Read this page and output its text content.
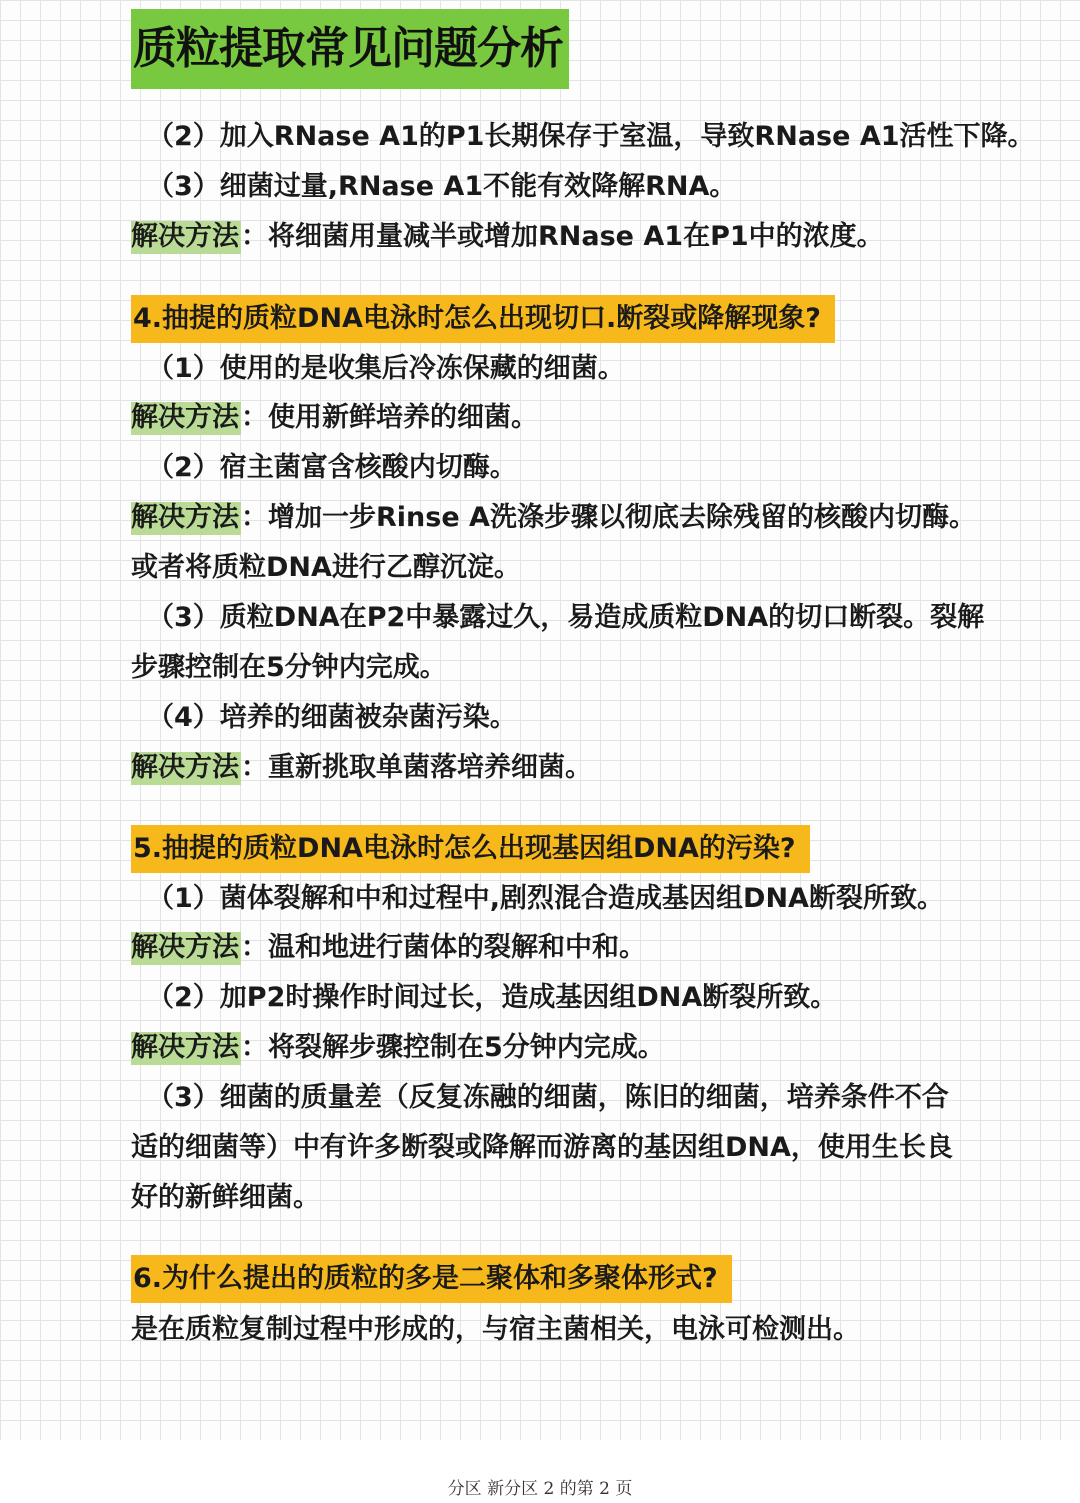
质粒提取常见问题分析
（2）加入RNase A1的P1长期保存于室温，导致RNase A1活性下降。
（3）细菌过量,RNase A1不能有效降解RNA。
解决方法：将细菌用量减半或增加RNase A1在P1中的浓度。
4.抽提的质粒DNA电泳时怎么出现切口.断裂或降解现象?
（1）使用的是收集后冷冻保藏的细菌。
解决方法：使用新鲜培养的细菌。
（2）宿主菌富含核酸内切酶。
解决方法：增加一步Rinse A洗涤步骤以彻底去除残留的核酸内切酶。
或者将质粒DNA进行乙醇沉淀。
（3）质粒DNA在P2中暴露过久，易造成质粒DNA的切口断裂。裂解
步骤控制在5分钟内完成。
（4）培养的细菌被杂菌污染。
解决方法：重新挑取单菌落培养细菌。
5.抽提的质粒DNA电泳时怎么出现基因组DNA的污染?
（1）菌体裂解和中和过程中,剧烈混合造成基因组DNA断裂所致。
解决方法：温和地进行菌体的裂解和中和。
（2）加P2时操作时间过长，造成基因组DNA断裂所致。
解决方法：将裂解步骤控制在5分钟内完成。
（3）细菌的质量差（反复冻融的细菌，陈旧的细菌，培养条件不合
适的细菌等）中有许多断裂或降解而游离的基因组DNA，使用生长良
好的新鲜细菌。
6.为什么提出的质粒的多是二聚体和多聚体形式?
是在质粒复制过程中形成的，与宿主菌相关，电泳可检测出。
分区 新分区 2 的第 2 页
